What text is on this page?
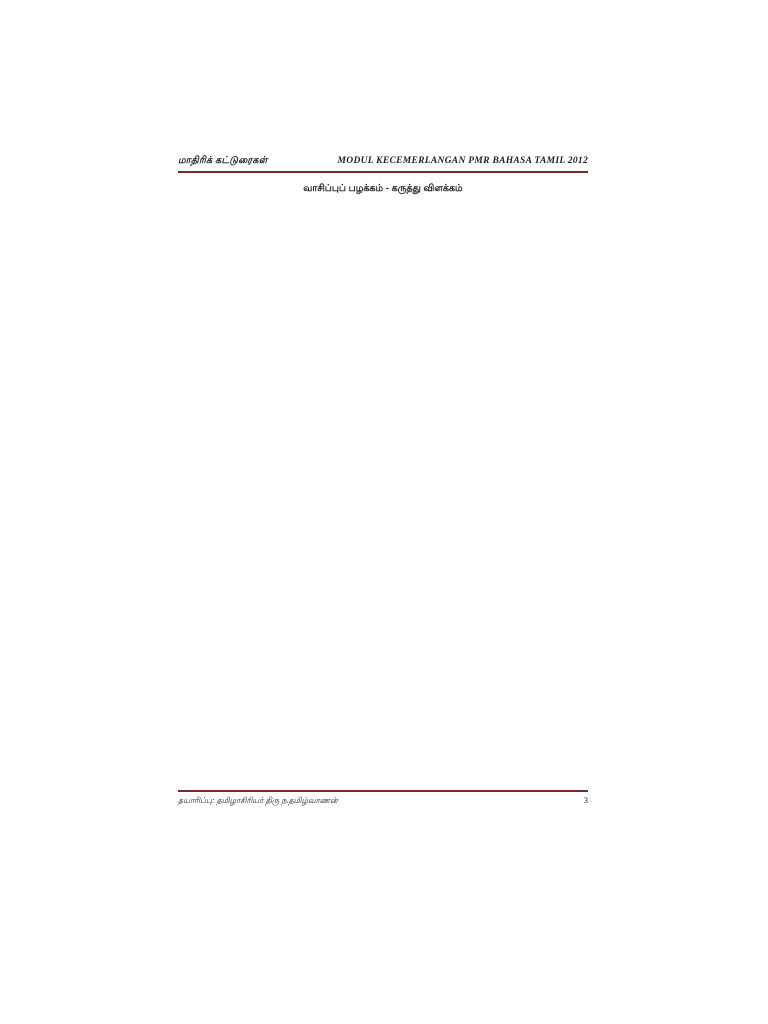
மாதிரிக் கட்டுரைகள்	MODUL KECEMERLANGAN PMR BAHASA TAMIL 2012
வாசிப்புப் பழக்கம் - கருத்து விளக்கம்
தயாரிப்பு: தமிழாசிரியர் திரு ந.தமிழ்வாணன்	3
